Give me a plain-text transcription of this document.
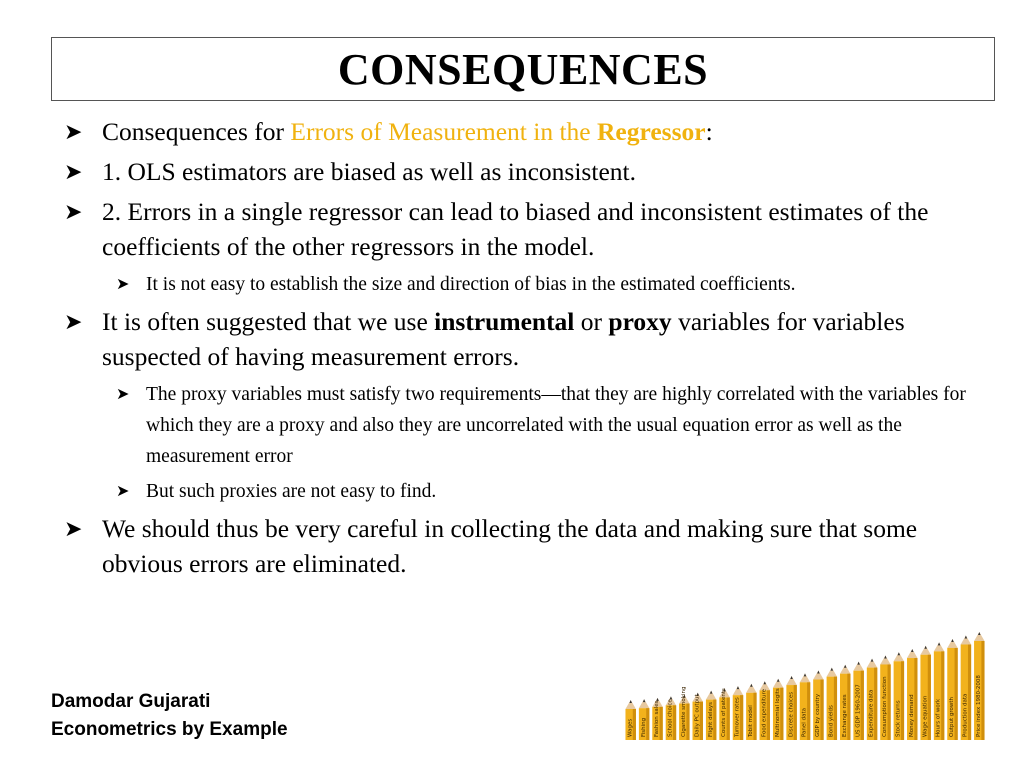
CONSEQUENCES
➤ Consequences for Errors of Measurement in the Regressor:
➤ 1. OLS estimators are biased as well as inconsistent.
➤ 2. Errors in a single regressor can lead to biased and inconsistent estimates of the coefficients of the other regressors in the model.
➤ It is not easy to establish the size and direction of bias in the estimated coefficients.
➤ It is often suggested that we use instrumental or proxy variables for variables suspected of having measurement errors.
➤ The proxy variables must satisfy two requirements—that they are highly correlated with the variables for which they are a proxy and also they are uncorrelated with the usual equation error as well as the measurement error
➤ But such proxies are not easy to find.
➤ We should thus be very careful in collecting the data and making sure that some obvious errors are eliminated.
Damodar Gujarati
Econometrics by Example	Wages Fishing Fashion sales School choice Cigarette smoking Daily PC output Flight delays Counts of patents Turnover rates Tobit model Food expenditure Multinomial logits Discrete choices Panel data GDP by country Bond yields Exchange rates US GDP 1960-2007 Expenditure data Consumption function Stock returns Money demand Wage equation Hours of work Output growth Production data Price index 1980-2008
